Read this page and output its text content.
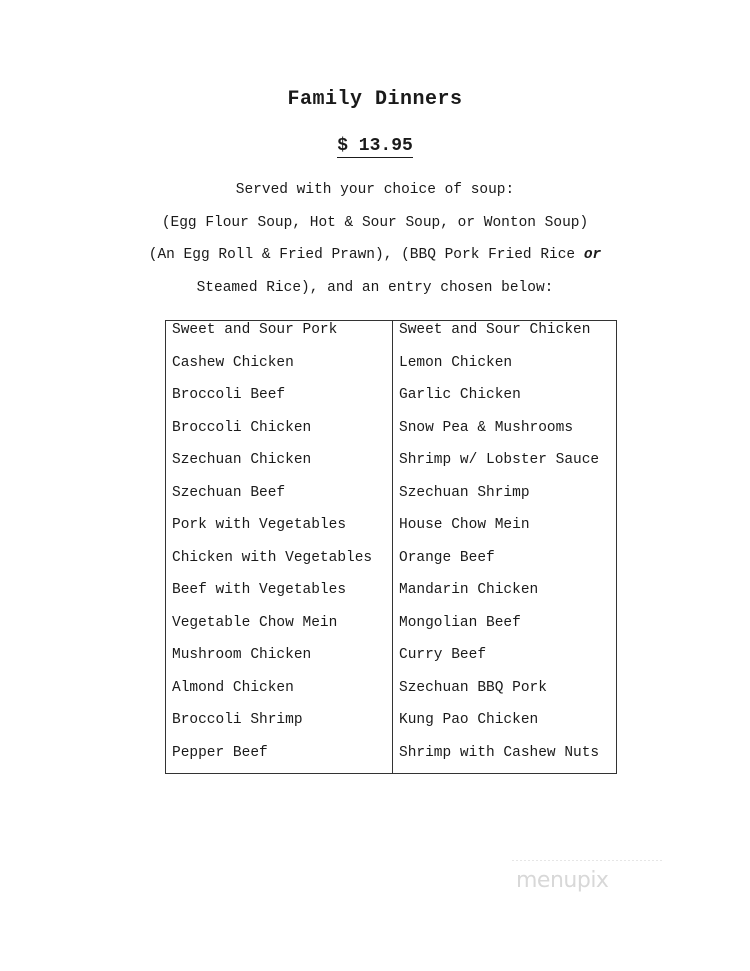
Family Dinners
$ 13.95
Served with your choice of soup:
(Egg Flour Soup, Hot & Sour Soup, or Wonton Soup)
(An Egg Roll & Fried Prawn), (BBQ Pork Fried Rice or
Steamed Rice), and an entry chosen below:
Sweet and Sour Pork
Cashew Chicken
Broccoli Beef
Broccoli Chicken
Szechuan Chicken
Szechuan Beef
Pork with Vegetables
Chicken with Vegetables
Beef with Vegetables
Vegetable Chow Mein
Mushroom Chicken
Almond Chicken
Broccoli Shrimp
Pepper Beef
Sweet and Sour Chicken
Lemon Chicken
Garlic Chicken
Snow Pea & Mushrooms
Shrimp w/ Lobster Sauce
Szechuan Shrimp
House Chow Mein
Orange Beef
Mandarin Chicken
Mongolian Beef
Curry Beef
Szechuan BBQ Pork
Kung Pao Chicken
Shrimp with Cashew Nuts
menupix
